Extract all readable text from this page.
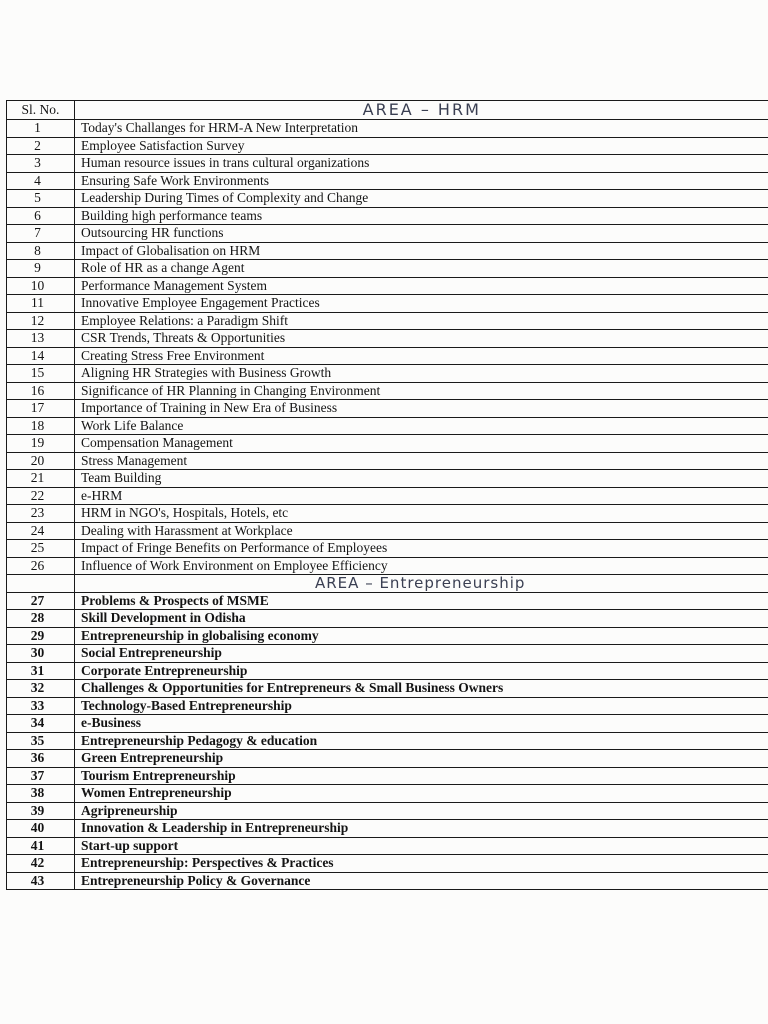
Sl. No.	AREA – HRM
1	Today's Challanges for HRM-A New Interpretation
2	Employee Satisfaction Survey
3	Human resource issues in trans cultural organizations
4	Ensuring Safe Work Environments
5	Leadership During Times of Complexity and Change
6	Building high performance teams
7	Outsourcing HR functions
8	Impact of Globalisation on HRM
9	Role of HR as a change Agent
10	Performance Management System
11	Innovative Employee Engagement Practices
12	Employee Relations: a Paradigm Shift
13	CSR Trends, Threats & Opportunities
14	Creating Stress Free Environment
15	Aligning HR Strategies with Business Growth
16	Significance of HR Planning in Changing Environment
17	Importance of Training in New Era of Business
18	Work Life Balance
19	Compensation Management
20	Stress Management
21	Team Building
22	e-HRM
23	HRM in NGO's, Hospitals, Hotels, etc
24	Dealing with Harassment at Workplace
25	Impact of Fringe Benefits on Performance of Employees
26	Influence of Work Environment on Employee Efficiency

	AREA – Entrepreneurship

27	Problems & Prospects of MSME
28	Skill Development in Odisha
29	Entrepreneurship in globalising economy
30	Social Entrepreneurship
31	Corporate Entrepreneurship
32	Challenges & Opportunities for Entrepreneurs & Small Business Owners
33	Technology-Based Entrepreneurship
34	e-Business
35	Entrepreneurship Pedagogy & education
36	Green Entrepreneurship
37	Tourism Entrepreneurship
38	Women Entrepreneurship
39	Agripreneurship
40	Innovation & Leadership in Entrepreneurship
41	Start-up support
42	Entrepreneurship: Perspectives & Practices
43	Entrepreneurship Policy & Governance
